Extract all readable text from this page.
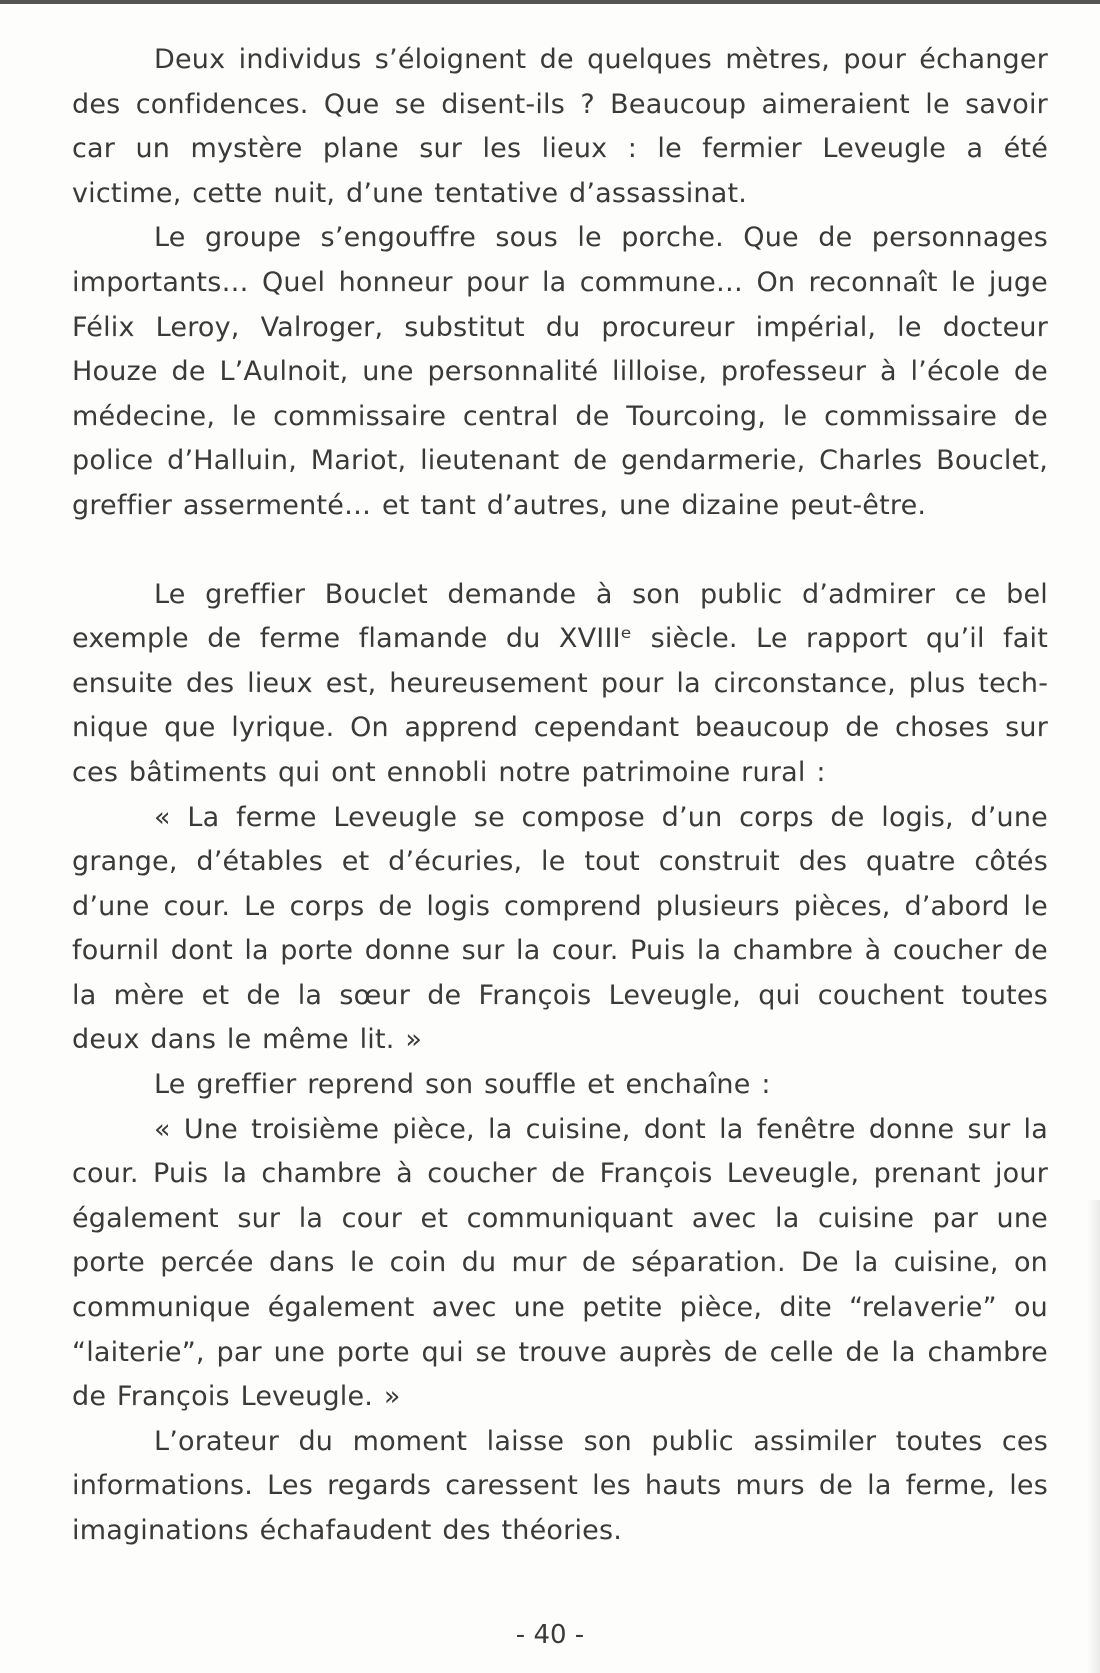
Deux individus s’éloignent de quelques mètres, pour échanger des confidences. Que se disent-ils ? Beaucoup aimeraient le savoir car un mystère plane sur les lieux : le fermier Leveugle a été victime, cette nuit, d’une tentative d’assassinat.

Le groupe s’engouffre sous le porche. Que de personnages importants… Quel honneur pour la commune… On reconnaît le juge Félix Leroy, Valroger, substitut du procureur impérial, le docteur Houze de L’Aulnoit, une personnalité lilloise, professeur à l’école de médecine, le commissaire central de Tourcoing, le commissaire de police d’Halluin, Mariot, lieutenant de gendarmerie, Charles Bouclet, greffier assermenté… et tant d’autres, une dizaine peut-être.

Le greffier Bouclet demande à son public d’admirer ce bel exemple de ferme flamande du XVIIIᵉ siècle. Le rapport qu’il fait ensuite des lieux est, heureusement pour la circonstance, plus technique que lyrique. On apprend cependant beaucoup de choses sur ces bâtiments qui ont ennobli notre patrimoine rural :

« La ferme Leveugle se compose d’un corps de logis, d’une grange, d’étables et d’écuries, le tout construit des quatre côtés d’une cour. Le corps de logis comprend plusieurs pièces, d’abord le fournil dont la porte donne sur la cour. Puis la chambre à coucher de la mère et de la sœur de François Leveugle, qui couchent toutes deux dans le même lit. »

Le greffier reprend son souffle et enchaîne :

« Une troisième pièce, la cuisine, dont la fenêtre donne sur la cour. Puis la chambre à coucher de François Leveugle, prenant jour également sur la cour et communiquant avec la cuisine par une porte percée dans le coin du mur de séparation. De la cuisine, on communique également avec une petite pièce, dite “relaverie” ou “laiterie”, par une porte qui se trouve auprès de celle de la chambre de François Leveugle. »

L’orateur du moment laisse son public assimiler toutes ces informations. Les regards caressent les hauts murs de la ferme, les imaginations échafaudent des théories.

- 40 -
